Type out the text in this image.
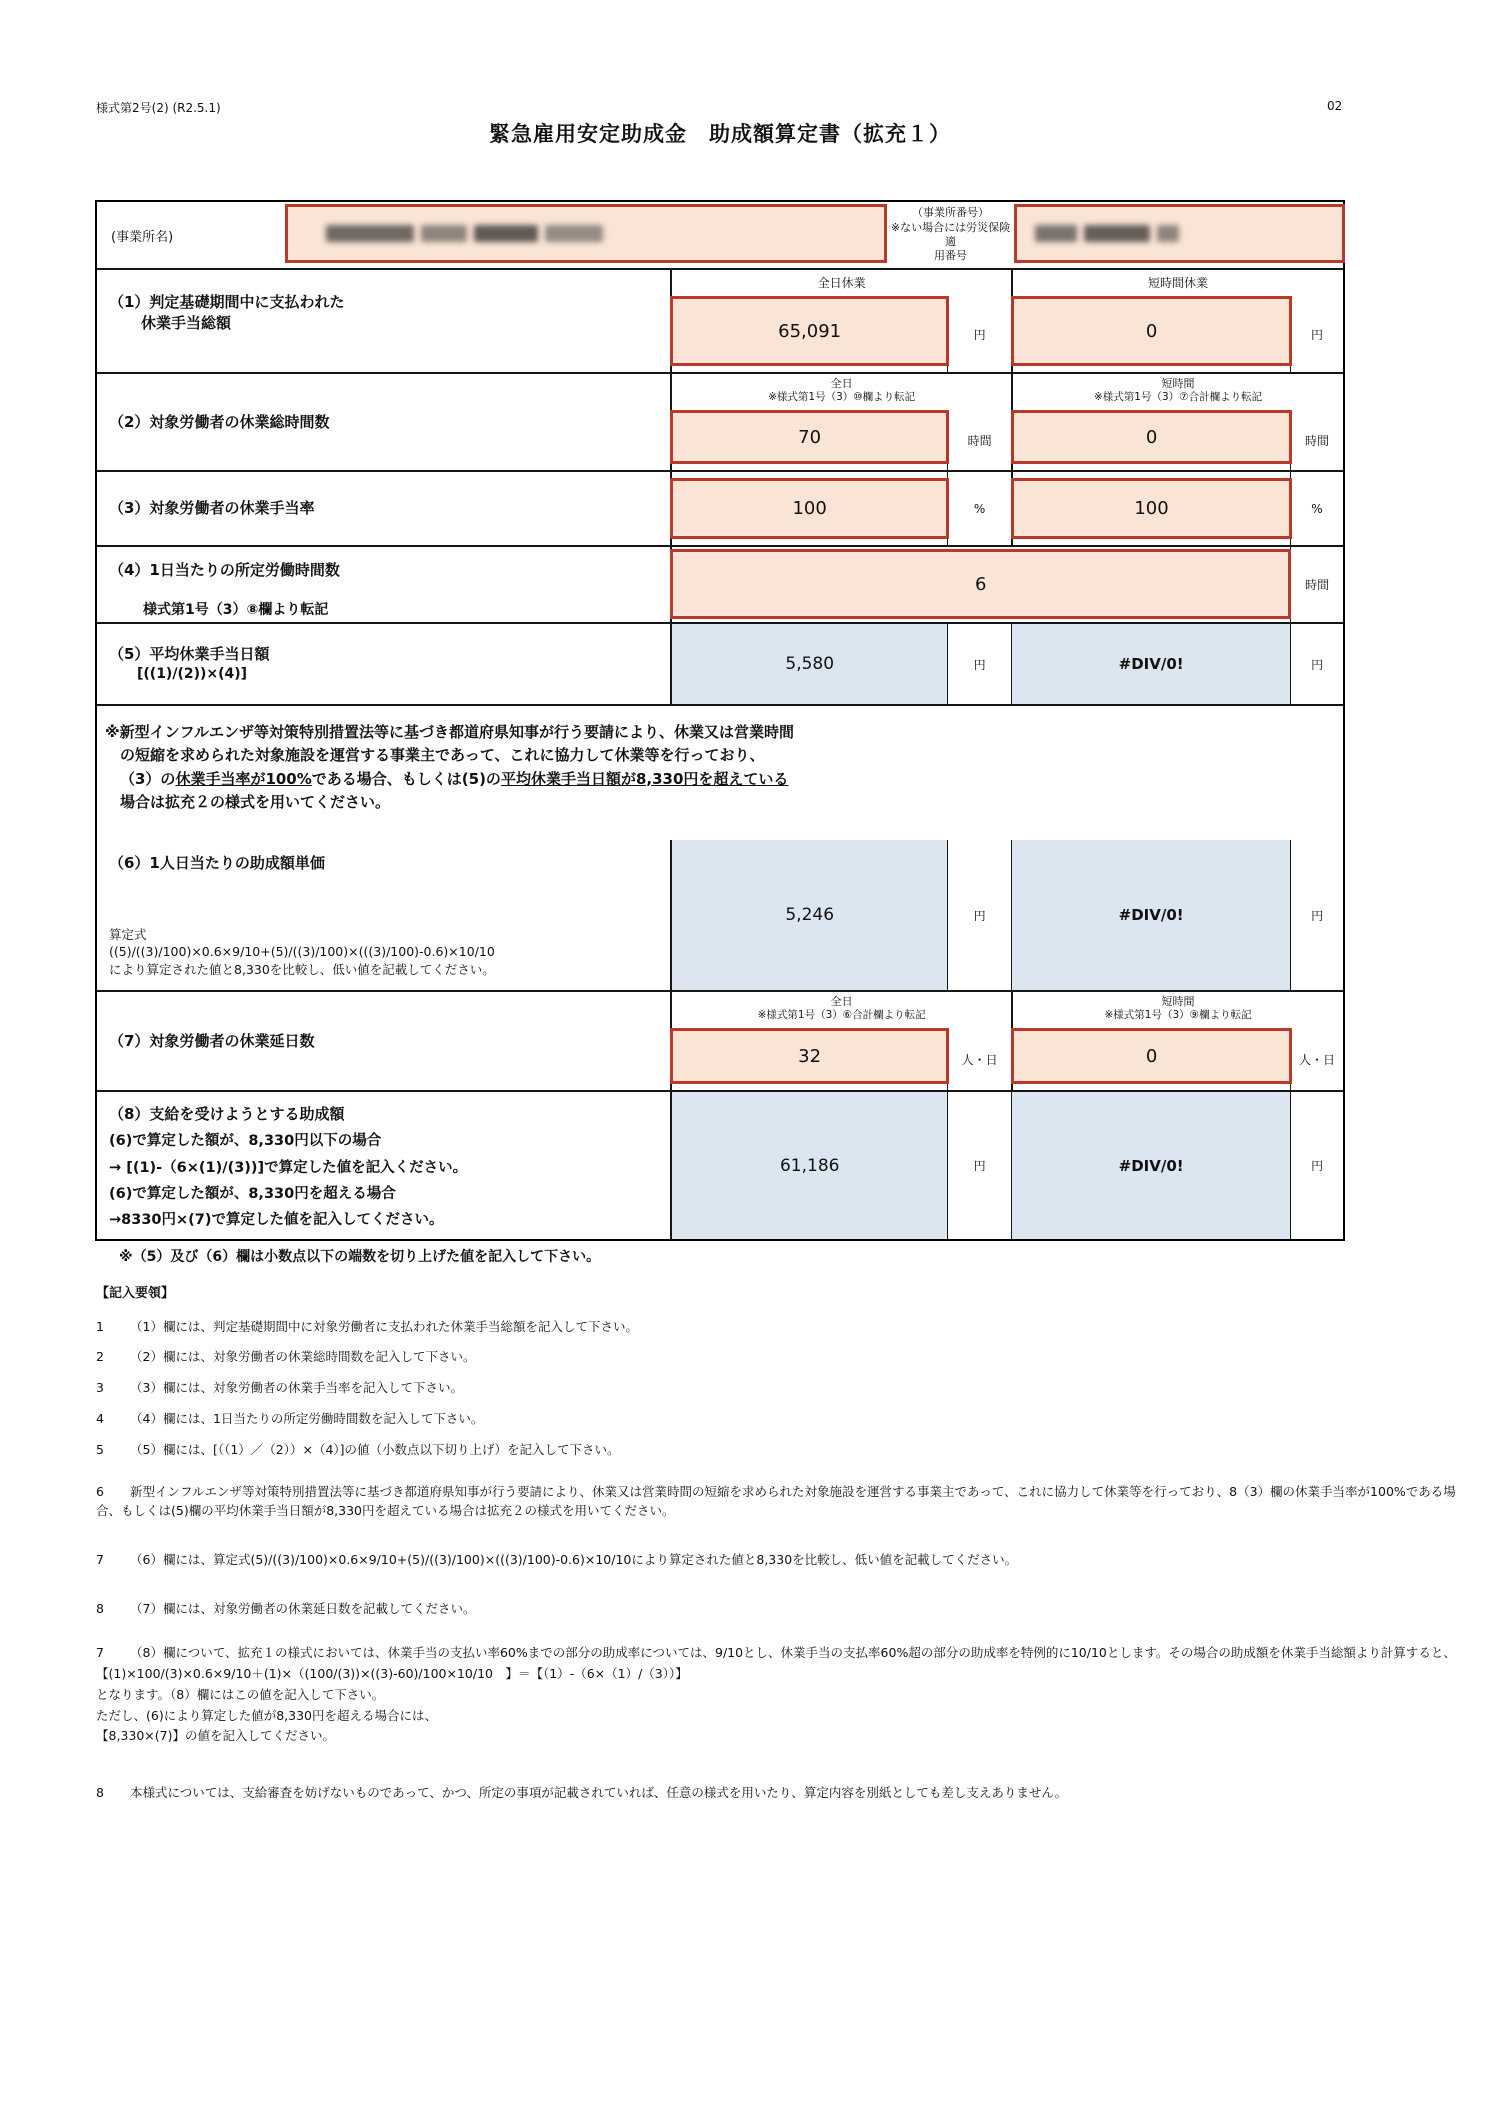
様式第2号(2) (R2.5.1)	02
緊急雇用安定助成金　助成額算定書（拡充１）
(事業所名)
（事業所番号）
※ない場合には労災保険適
用番号
（1）判定基礎期間中に支払われた
休業手当総額
全日休業
65,091	円
短時間休業
0	円
（2）対象労働者の休業総時間数
全日
※様式第1号（3）⑩欄より転記
70	時間
短時間
※様式第1号（3）⑦合計欄より転記
0	時間
（3）対象労働者の休業手当率	100	%	100	%
（4）1日当たりの所定労働時間数
様式第1号（3）⑧欄より転記
6	時間
（5）平均休業手当日額
[((1)/(2))×(4)]	5,580	円	#DIV/0!	円
※新型インフルエンザ等対策特別措置法等に基づき都道府県知事が行う要請により、休業又は営業時間
の短縮を求められた対象施設を運営する事業主であって、これに協力して休業等を行っており、
（3）の休業手当率が100%である場合、もしくは(5)の平均休業手当日額が8,330円を超えている
場合は拡充２の様式を用いてください。
（6）1人日当たりの助成額単価
算定式
((5)/((3)/100)×0.6×9/10+(5)/((3)/100)×(((3)/100)-0.6)×10/10
により算定された値と8,330を比較し、低い値を記載してください。
5,246	円	#DIV/0!	円
（7）対象労働者の休業延日数
全日
※様式第1号（3）⑥合計欄より転記
32	人・日
短時間
※様式第1号（3）⑨欄より転記
0	人・日
（8）支給を受けようとする助成額
(6)で算定した額が、8,330円以下の場合
→ [(1)-（6×(1)/(3))]で算定した値を記入ください。
(6)で算定した額が、8,330円を超える場合
→8330円×(7)で算定した値を記入してください。
61,186	円	#DIV/0!	円
※（5）及び（6）欄は小数点以下の端数を切り上げた値を記入して下さい。
【記入要領】
1 （1）欄には、判定基礎期間中に対象労働者に支払われた休業手当総額を記入して下さい。
2 （2）欄には、対象労働者の休業総時間数を記入して下さい。
3 （3）欄には、対象労働者の休業手当率を記入して下さい。
4 （4）欄には、1日当たりの所定労働時間数を記入して下さい。
5 （5）欄には、[（（1）／（2））×（4）]の値（小数点以下切り上げ）を記入して下さい。
6 新型インフルエンザ等対策特別措置法等に基づき都道府県知事が行う要請により、休業又は営業時間の短縮を求められた対象施設を運営する事業主であって、これに協力して休業等を行っており、8（3）欄の休業手当率が100%である場合、もしくは(5)欄の平均休業手当日額が8,330円を超えている場合は拡充２の様式を用いてください。
7 （6）欄には、算定式(5)/((3)/100)×0.6×9/10+(5)/((3)/100)×(((3)/100)-0.6)×10/10により算定された値と8,330を比較し、低い値を記載してください。
8 （7）欄には、対象労働者の休業延日数を記載してください。
7 （8）欄について、拡充１の様式においては、休業手当の支払い率60%までの部分の助成率については、9/10とし、休業手当の支払率60%超の部分の助成率を特例的に10/10とします。その場合の助成額を休業手当総額より計算すると、
【(1)×100/(3)×0.6×9/10＋(1)×（(100/(3))×((3)-60)/100×10/10　】＝【（1）-（6×（1）/（3））】
となります。（8）欄にはこの値を記入して下さい。
ただし、(6)により算定した値が8,330円を超える場合には、
【8,330×(7)】の値を記入してください。
8 本様式については、支給審査を妨げないものであって、かつ、所定の事項が記載されていれば、任意の様式を用いたり、算定内容を別紙としても差し支えありません。
